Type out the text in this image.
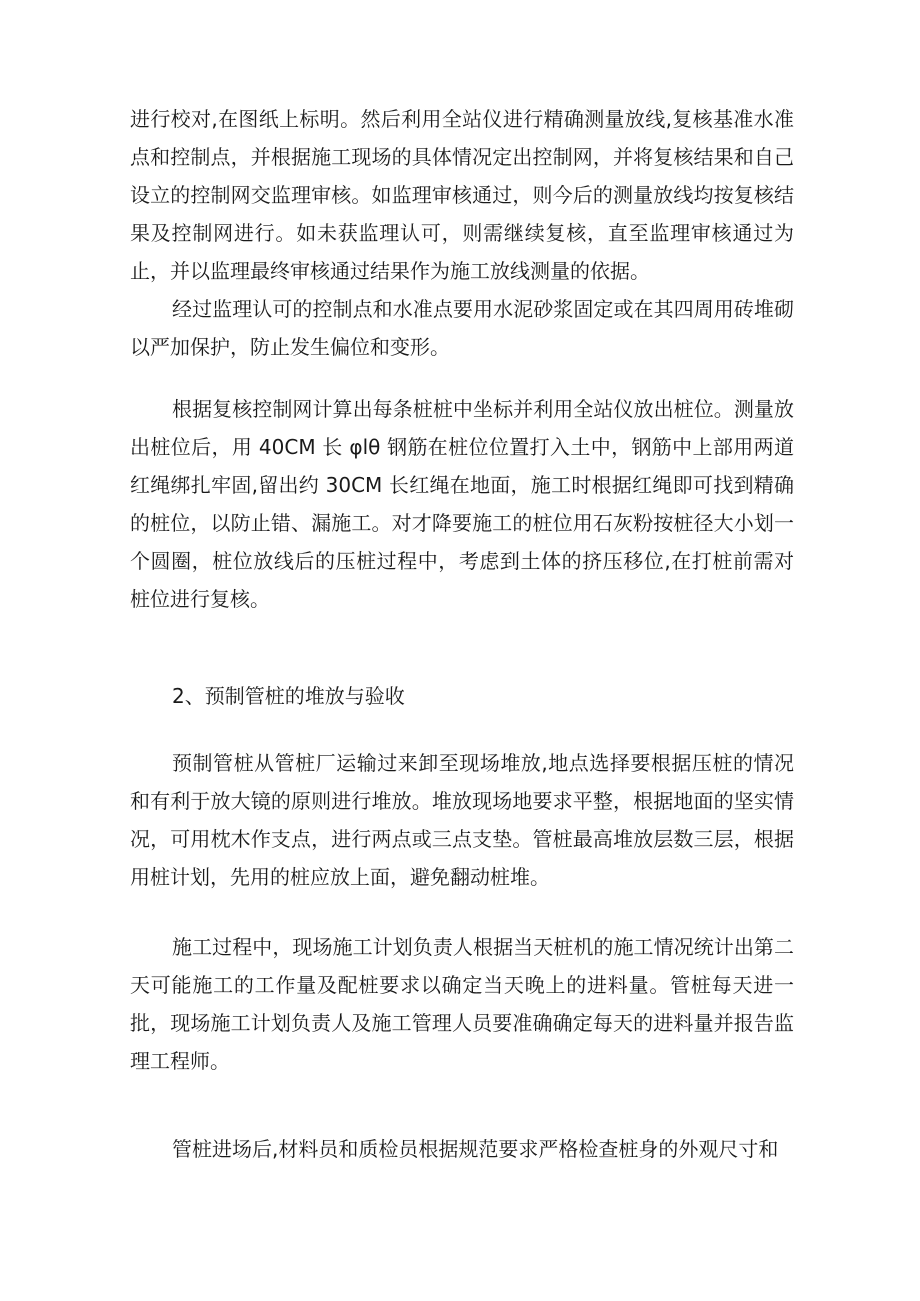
进行校对,在图纸上标明。然后利用全站仪进行精确测量放线,复核基准水准点和控制点，并根据施工现场的具体情况定出控制网，并将复核结果和自己设立的控制网交监理审核。如监理审核通过，则今后的测量放线均按复核结果及控制网进行。如未获监理认可，则需继续复核，直至监理审核通过为止，并以监理最终审核通过结果作为施工放线测量的依据。

经过监理认可的控制点和水准点要用水泥砂浆固定或在其四周用砖堆砌以严加保护，防止发生偏位和变形。

根据复核控制网计算出每条桩桩中坐标并利用全站仪放出桩位。测量放出桩位后，用 40CM 长 φlθ 钢筋在桩位位置打入土中，钢筋中上部用两道红绳绑扎牢固,留出约 30CM 长红绳在地面，施工时根据红绳即可找到精确的桩位，以防止错、漏施工。对才降要施工的桩位用石灰粉按桩径大小划一个圆圈，桩位放线后的压桩过程中，考虑到土体的挤压移位,在打桩前需对桩位进行复核。

2、预制管桩的堆放与验收

预制管桩从管桩厂运输过来卸至现场堆放,地点选择要根据压桩的情况和有利于放大镜的原则进行堆放。堆放现场地要求平整，根据地面的坚实情况，可用枕木作支点，进行两点或三点支垫。管桩最高堆放层数三层，根据用桩计划，先用的桩应放上面，避免翻动桩堆。

施工过程中，现场施工计划负责人根据当天桩机的施工情况统计出第二天可能施工的工作量及配桩要求以确定当天晚上的进料量。管桩每天进一批，现场施工计划负责人及施工管理人员要准确确定每天的进料量并报告监理工程师。

管桩进场后,材料员和质检员根据规范要求严格检查桩身的外观尺寸和
